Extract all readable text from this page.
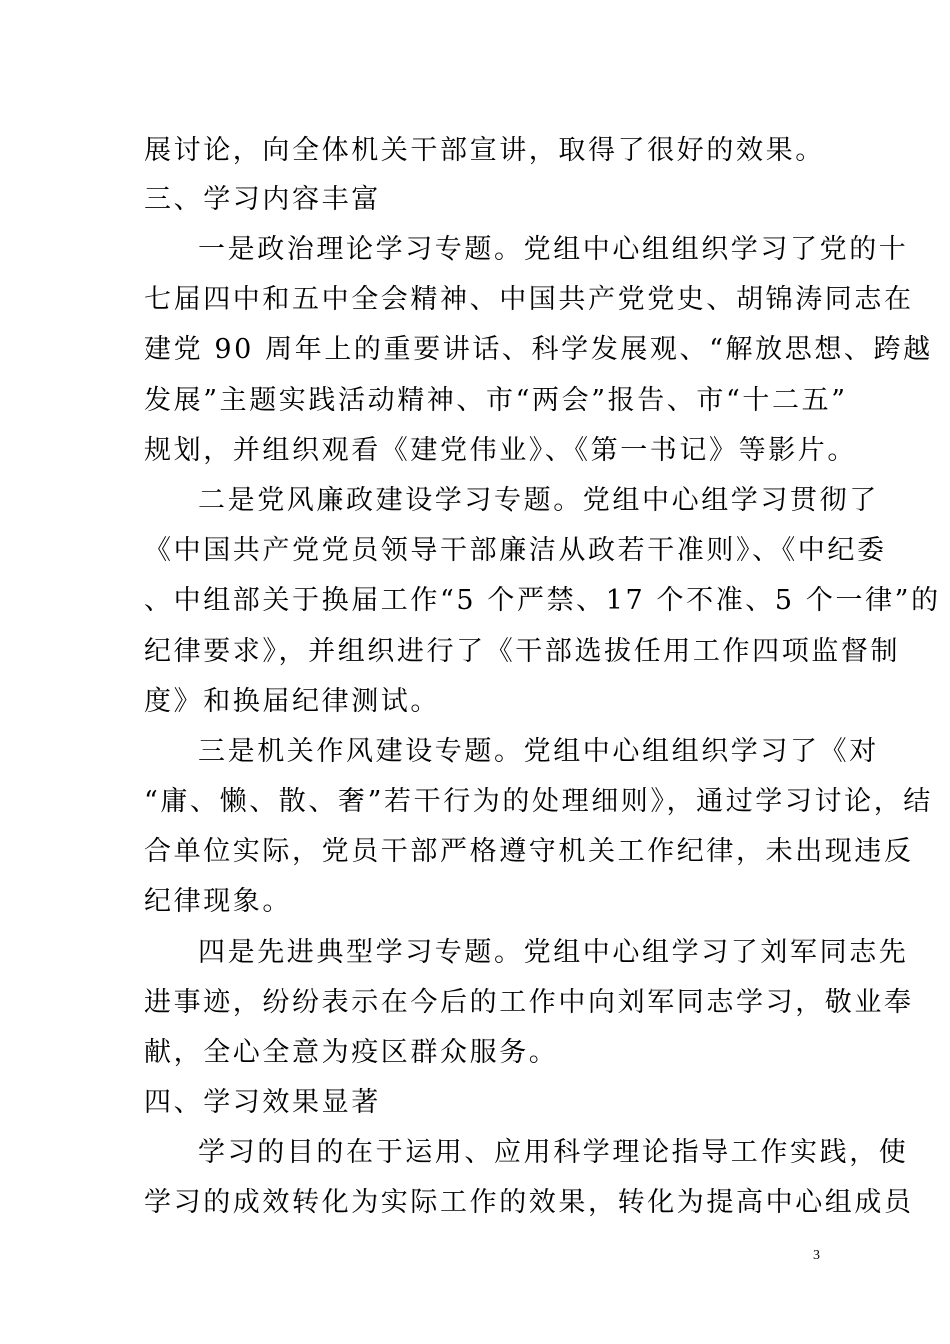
展讨论，向全体机关干部宣讲，取得了很好的效果。
三、学习内容丰富
一是政治理论学习专题。党组中心组组织学习了党的十
七届四中和五中全会精神、中国共产党党史、胡锦涛同志在
建党 90 周年上的重要讲话、科学发展观、“解放思想、跨越
发展”主题实践活动精神、市“两会”报告、市“十二五”
规划，并组织观看《建党伟业》、《第一书记》等影片。
二是党风廉政建设学习专题。党组中心组学习贯彻了
《中国共产党党员领导干部廉洁从政若干准则》、《中纪委
、中组部关于换届工作“5 个严禁、17 个不准、5 个一律”的
纪律要求》，并组织进行了《干部选拔任用工作四项监督制
度》和换届纪律测试。
三是机关作风建设专题。党组中心组组织学习了《对
“庸、懒、散、奢”若干行为的处理细则》，通过学习讨论，结
合单位实际，党员干部严格遵守机关工作纪律，未出现违反
纪律现象。
四是先进典型学习专题。党组中心组学习了刘军同志先
进事迹，纷纷表示在今后的工作中向刘军同志学习，敬业奉
献，全心全意为疫区群众服务。
四、学习效果显著
学习的目的在于运用、应用科学理论指导工作实践，使
学习的成效转化为实际工作的效果，转化为提高中心组成员
3
